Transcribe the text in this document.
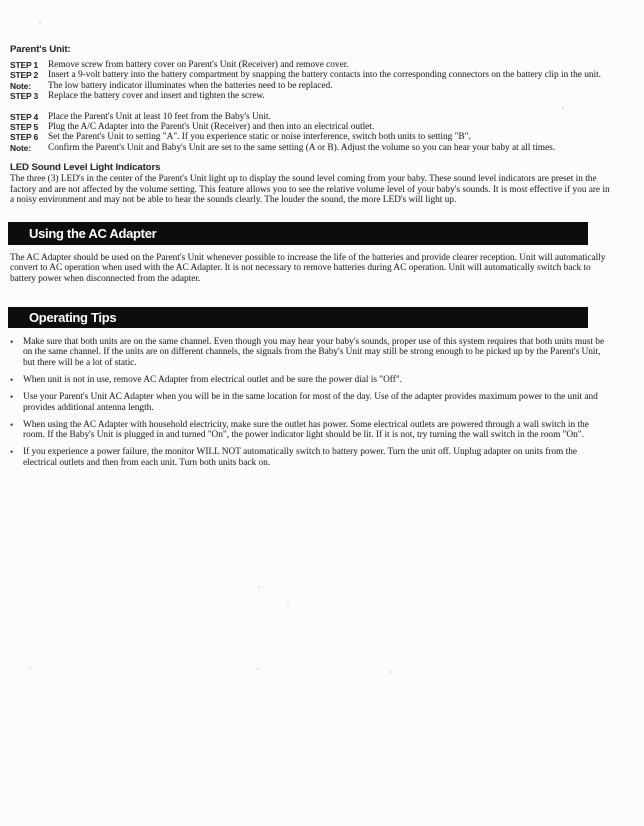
Parent's Unit:
STEP 1	Remove screw from battery cover on Parent's Unit (Receiver) and remove cover.
STEP 2	Insert a 9-volt battery into the battery compartment by snapping the battery contacts into the corresponding connectors on the battery clip in the unit.
Note:	The low battery indicator illuminates when the batteries need to be replaced.
STEP 3	Replace the battery cover and insert and tighten the screw.
STEP 4	Place the Parent's Unit at least 10 feet from the Baby's Unit.
STEP 5	Plug the A/C Adapter into the Parent's Unit (Receiver) and then into an electrical outlet.
STEP 6	Set the Parent's Unit to setting "A". If you experience static or noise interference, switch both units to setting "B".
Note:	Confirm the Parent's Unit and Baby's Unit are set to the same setting (A or B). Adjust the volume so you can hear your baby at all times.
LED Sound Level Light Indicators
The three (3) LED's in the center of the Parent's Unit light up to display the sound level coming from your baby. These sound level indicators are preset in the factory and are not affected by the volume setting. This feature allows you to see the relative volume level of your baby's sounds. It is most effective if you are in a noisy environment and may not be able to hear the sounds clearly. The louder the sound, the more LED's will light up.
Using the AC Adapter
The AC Adapter should be used on the Parent's Unit whenever possible to increase the life of the batteries and provide clearer reception. Unit will automatically convert to AC operation when used with the AC Adapter. It is not necessary to remove batteries during AC operation. Unit will automatically switch back to battery power when disconnected from the adapter.
Operating Tips
•	Make sure that both units are on the same channel. Even though you may hear your baby's sounds, proper use of this system requires that both units must be on the same channel. If the units are on different channels, the signals from the Baby's Unit may still be strong enough to be picked up by the Parent's Unit, but there will be a lot of static.
•	When unit is not in use, remove AC Adapter from electrical outlet and be sure the power dial is "Off".
•	Use your Parent's Unit AC Adapter when you will be in the same location for most of the day. Use of the adapter provides maximum power to the unit and provides additional antenna length.
•	When using the AC Adapter with household electricity, make sure the outlet has power. Some electrical outlets are powered through a wall switch in the room. If the Baby's Unit is plugged in and turned "On", the power indicator light should be lit. If it is not, try turning the wall switch in the room "On".
•	If you experience a power failure, the monitor WILL NOT automatically switch to battery power. Turn the unit off. Unplug adapter on units from the electrical outlets and then from each unit. Turn both units back on.
